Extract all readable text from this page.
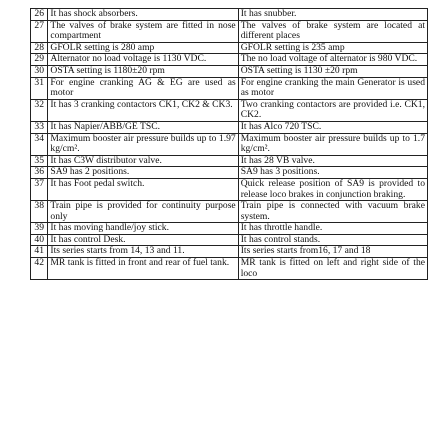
26	It has shock absorbers.	It has snubber.
27	The valves of brake system are fitted in nose compartment	The valves of brake system are located at different places
28	GFOLR setting is 280 amp	GFOLR setting is 235 amp
29	Alternator no load voltage is 1130 VDC.	The no load voltage of alternator is 980 VDC.
30	OSTA setting is 1180±20 rpm	OSTA setting is 1130 ±20 rpm
31	For engine cranking AG & EG are used as motor	For engine cranking the main Generator is used as motor
32	It has 3 cranking contactors CK1, CK2 & CK3.	Two cranking contactors are provided i.e. CK1, CK2.
33	It has Napier/ABB/GE TSC.	It has Alco 720 TSC.
34	Maximum booster air pressure builds up to 1.97 kg/cm².	Maximum booster air pressure builds up to 1.7 kg/cm².
35	It has C3W distributor valve.	It has 28 VB valve.
36	SA9 has 2 positions.	SA9 has 3 positions.
37	It has Foot pedal switch.	Quick release position of SA9 is provided to release loco brakes in conjunction braking.
38	Train pipe is provided for continuity purpose only	Train pipe is connected with vacuum brake system.
39	It has moving handle/joy stick.	It has throttle handle.
40	It has control Desk.	It has control stands.
41	Its series starts from 14, 13 and 11.	Its series starts from16, 17 and 18
42	MR tank is fitted in front and rear of fuel tank.	MR tank is fitted on left and right side of the loco
